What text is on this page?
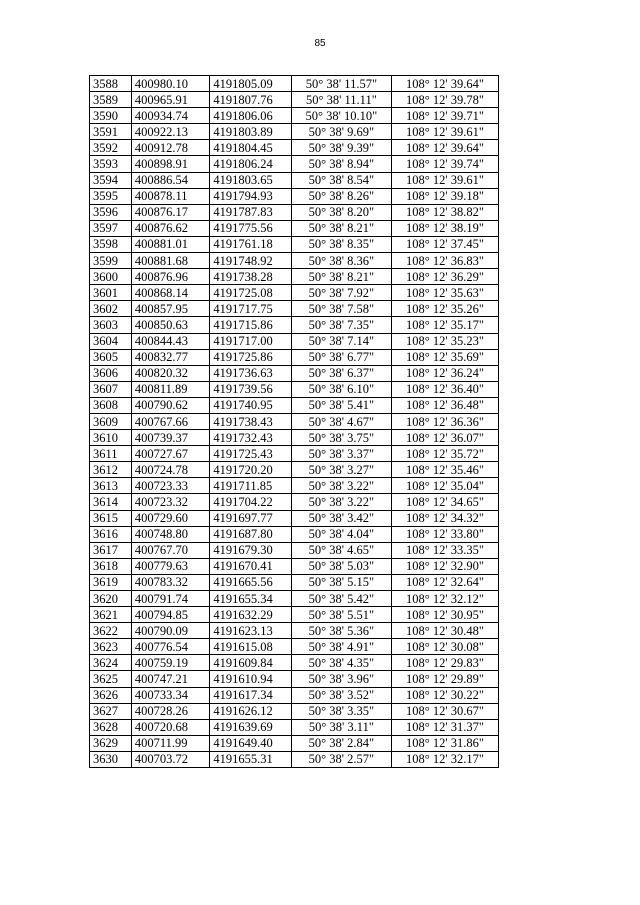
85
3588	400980.10	4191805.09	50° 38' 11.57"	108° 12' 39.64"
3589	400965.91	4191807.76	50° 38' 11.11"	108° 12' 39.78"
3590	400934.74	4191806.06	50° 38' 10.10"	108° 12' 39.71"
3591	400922.13	4191803.89	50° 38' 9.69"	108° 12' 39.61"
3592	400912.78	4191804.45	50° 38' 9.39"	108° 12' 39.64"
3593	400898.91	4191806.24	50° 38' 8.94"	108° 12' 39.74"
3594	400886.54	4191803.65	50° 38' 8.54"	108° 12' 39.61"
3595	400878.11	4191794.93	50° 38' 8.26"	108° 12' 39.18"
3596	400876.17	4191787.83	50° 38' 8.20"	108° 12' 38.82"
3597	400876.62	4191775.56	50° 38' 8.21"	108° 12' 38.19"
3598	400881.01	4191761.18	50° 38' 8.35"	108° 12' 37.45"
3599	400881.68	4191748.92	50° 38' 8.36"	108° 12' 36.83"
3600	400876.96	4191738.28	50° 38' 8.21"	108° 12' 36.29"
3601	400868.14	4191725.08	50° 38' 7.92"	108° 12' 35.63"
3602	400857.95	4191717.75	50° 38' 7.58"	108° 12' 35.26"
3603	400850.63	4191715.86	50° 38' 7.35"	108° 12' 35.17"
3604	400844.43	4191717.00	50° 38' 7.14"	108° 12' 35.23"
3605	400832.77	4191725.86	50° 38' 6.77"	108° 12' 35.69"
3606	400820.32	4191736.63	50° 38' 6.37"	108° 12' 36.24"
3607	400811.89	4191739.56	50° 38' 6.10"	108° 12' 36.40"
3608	400790.62	4191740.95	50° 38' 5.41"	108° 12' 36.48"
3609	400767.66	4191738.43	50° 38' 4.67"	108° 12' 36.36"
3610	400739.37	4191732.43	50° 38' 3.75"	108° 12' 36.07"
3611	400727.67	4191725.43	50° 38' 3.37"	108° 12' 35.72"
3612	400724.78	4191720.20	50° 38' 3.27"	108° 12' 35.46"
3613	400723.33	4191711.85	50° 38' 3.22"	108° 12' 35.04"
3614	400723.32	4191704.22	50° 38' 3.22"	108° 12' 34.65"
3615	400729.60	4191697.77	50° 38' 3.42"	108° 12' 34.32"
3616	400748.80	4191687.80	50° 38' 4.04"	108° 12' 33.80"
3617	400767.70	4191679.30	50° 38' 4.65"	108° 12' 33.35"
3618	400779.63	4191670.41	50° 38' 5.03"	108° 12' 32.90"
3619	400783.32	4191665.56	50° 38' 5.15"	108° 12' 32.64"
3620	400791.74	4191655.34	50° 38' 5.42"	108° 12' 32.12"
3621	400794.85	4191632.29	50° 38' 5.51"	108° 12' 30.95"
3622	400790.09	4191623.13	50° 38' 5.36"	108° 12' 30.48"
3623	400776.54	4191615.08	50° 38' 4.91"	108° 12' 30.08"
3624	400759.19	4191609.84	50° 38' 4.35"	108° 12' 29.83"
3625	400747.21	4191610.94	50° 38' 3.96"	108° 12' 29.89"
3626	400733.34	4191617.34	50° 38' 3.52"	108° 12' 30.22"
3627	400728.26	4191626.12	50° 38' 3.35"	108° 12' 30.67"
3628	400720.68	4191639.69	50° 38' 3.11"	108° 12' 31.37"
3629	400711.99	4191649.40	50° 38' 2.84"	108° 12' 31.86"
3630	400703.72	4191655.31	50° 38' 2.57"	108° 12' 32.17"
